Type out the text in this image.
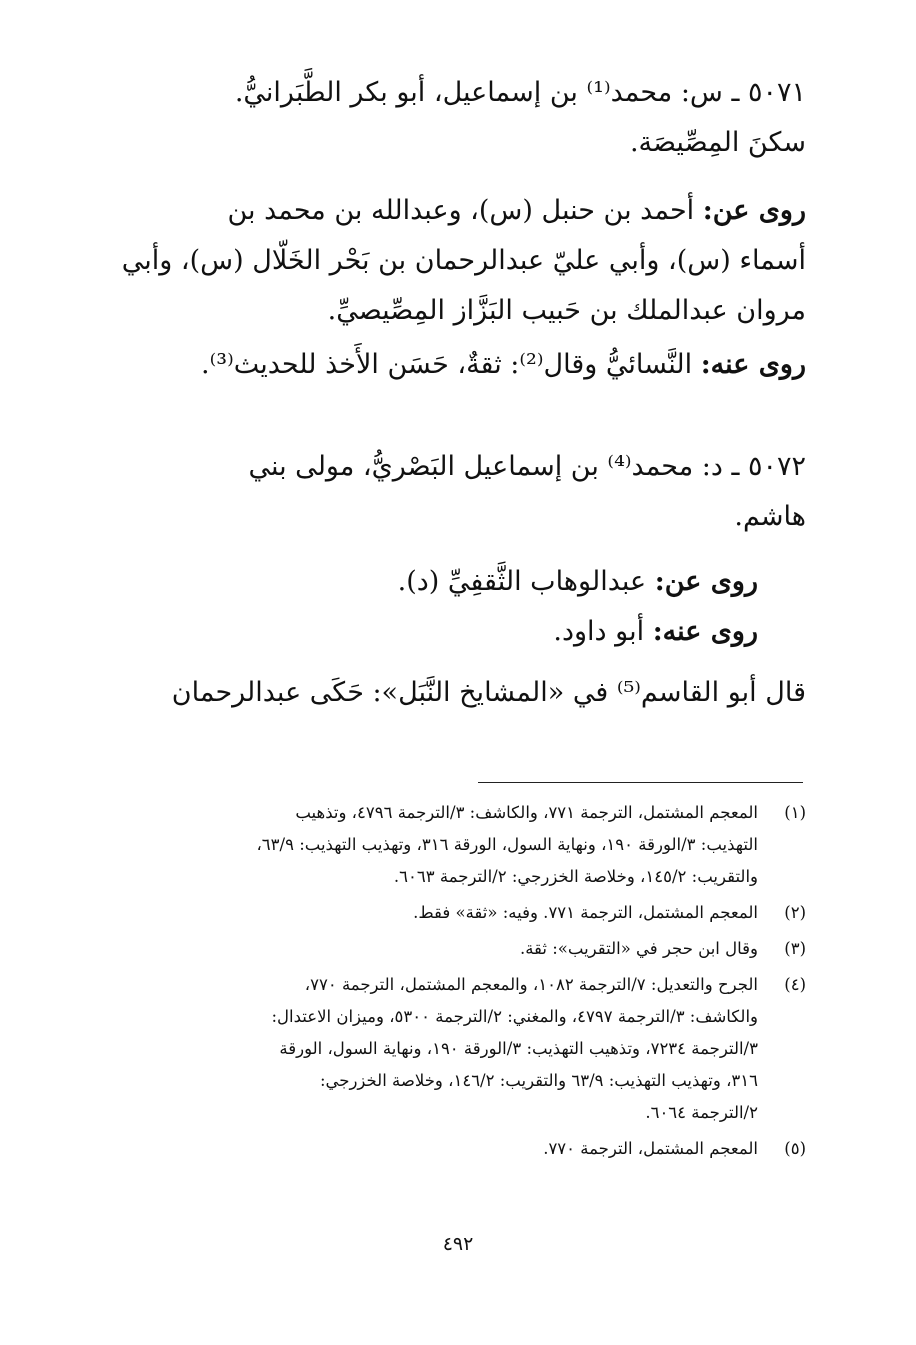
٥٠٧١ ـ س: محمد⁽¹⁾ بن إسماعيل، أبو بكر الطَّبَرانيُّ.
سكنَ المِصِّيصَة.
روى عن: أحمد بن حنبل (س)، وعبدالله بن محمد بن
أسماء (س)، وأبي عليّ عبدالرحمان بن بَحْر الخَلّال (س)، وأبي
مروان عبدالملك بن حَبيب البَزَّاز المِصِّيصيِّ.
روى عنه: النَّسائيُّ وقال⁽²⁾: ثقةٌ، حَسَن الأَخذ للحديث⁽³⁾.
٥٠٧٢ ـ د: محمد⁽⁴⁾ بن إسماعيل البَصْريُّ، مولى بني
هاشم.
روى عن: عبدالوهاب الثَّقفِيِّ (د).
روى عنه: أبو داود.
قال أبو القاسم⁽⁵⁾ في «المشايخ النَّبَل»: حَكَى عبدالرحمان
(١)
المعجم المشتمل، الترجمة ٧٧١، والكاشف: ٣/الترجمة ٤٧٩٦، وتذهيب
التهذيب: ٣/الورقة ١٩٠، ونهاية السول، الورقة ٣١٦، وتهذيب التهذيب: ٦٣/٩،
والتقريب: ١٤٥/٢، وخلاصة الخزرجي: ٢/الترجمة ٦٠٦٣.
(٢)
المعجم المشتمل، الترجمة ٧٧١. وفيه: «ثقة» فقط.
(٣)
وقال ابن حجر في «التقريب»: ثقة.
(٤)
الجرح والتعديل: ٧/الترجمة ١٠٨٢، والمعجم المشتمل، الترجمة ٧٧٠،
والكاشف: ٣/الترجمة ٤٧٩٧، والمغني: ٢/الترجمة ٥٣٠٠، وميزان الاعتدال:
٣/الترجمة ٧٢٣٤، وتذهيب التهذيب: ٣/الورقة ١٩٠، ونهاية السول، الورقة
٣١٦، وتهذيب التهذيب: ٦٣/٩ والتقريب: ١٤٦/٢، وخلاصة الخزرجي:
٢/الترجمة ٦٠٦٤.
(٥)
المعجم المشتمل، الترجمة ٧٧٠.
٤٩٢
